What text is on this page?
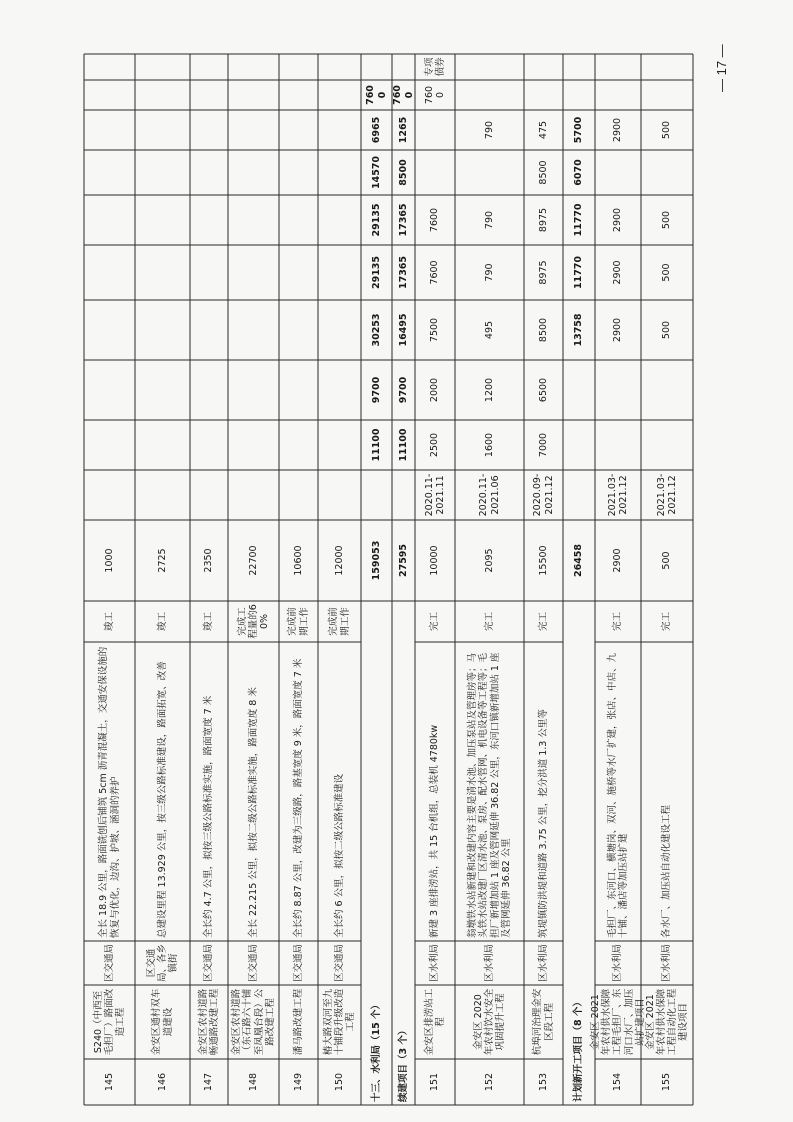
145
S240（中西至毛担厂）路面改造工程
区交通局
全长 18.9 公里，路面铣刨后铺筑 5cm 沥青混凝土，交通安保设施的恢复与优化，边沟、护坡、涵洞的养护
竣工
1000
146
金安区通村双车道建设
区交通局、各乡镇街
总建设里程 13.929 公里，按三级公路标准建设，路面拓宽、改善
竣工
2725
147
金安区农村道路畅通路改建工程
区交通局
全长约 4.7 公里，拟按三级公路标准实施，路面宽度 7 米
竣工
2350
148
金安区农村道路（东石路六十铺至凤凰台段）公路改建工程
区交通局
全长 22.215 公里，拟按二级公路标准实施，路面宽度 8 米
完成工程量的60%
22700
149
潘马路改建工程
区交通局
全长约 8.87 公里，改建为三级路，路基宽度 9 米，路面宽度 7 米
完成前期工作
10600
150
椿大路双河至九十铺段升级改造工程
区交通局
全长约 6 公里，拟按二级公路标准建设
完成前期工作
12000
十三、水利局（15 个）
159053
11100
9700
30253
29135
29135
14570
6965
7600
续建项目（3 个）
27595
11100
9700
16495
17365
17365
8500
1265
7600
151
金安区排涝站工程
区水利局
新建 3 座排涝站，共 15 台机组，总装机 4780kw
完工
10000
2020.11-2021.11
2500
2000
7500
7600
7600
7600
专项债券
152
金安区 2020 年农村饮水安全巩固提升工程
区水利局
翁墩铁水站新建和改建内容主要是清水池、加压泵站及管理房等；马头铁水站改建厂区清水池、泵房、配水管网、机电设备等工程等；毛担厂新增加站 1 座及管网延伸 36.82 公里，东河口镇新增加站 1 座及管网延伸 36.82 公里
完工
2095
2020.11-2021.06
1600
1200
495
790
790
790
153
杭埠河治理金安区段工程
区水利局
筑堤镇防洪堤和道路 3.75 公里，挖分洪道 1.3 公里等
完工
15500
2020.09-2021.12
7000
6500
8500
8975
8975
8500
475
计划新开工项目（8 个）
26458
13758
11770
11770
6070
5700
154
金安区 2021 年农村供水保障工程毛担厂、东河口水厂、加压站扩建项目
区水利局
毛担厂、东河口、横塘岗、双河、施桥等水厂扩建，张店、中店、九十铺、潘店等加压站扩建
完工
2900
2021.03-2021.12
2900
2900
2900
2900
155
金安区 2021 年农村供水保障工程自动化工程建设项目
区水利局
各水厂、加压站自动化建设工程
完工
500
2021.03-2021.12
500
500
500
500
— 17 —
